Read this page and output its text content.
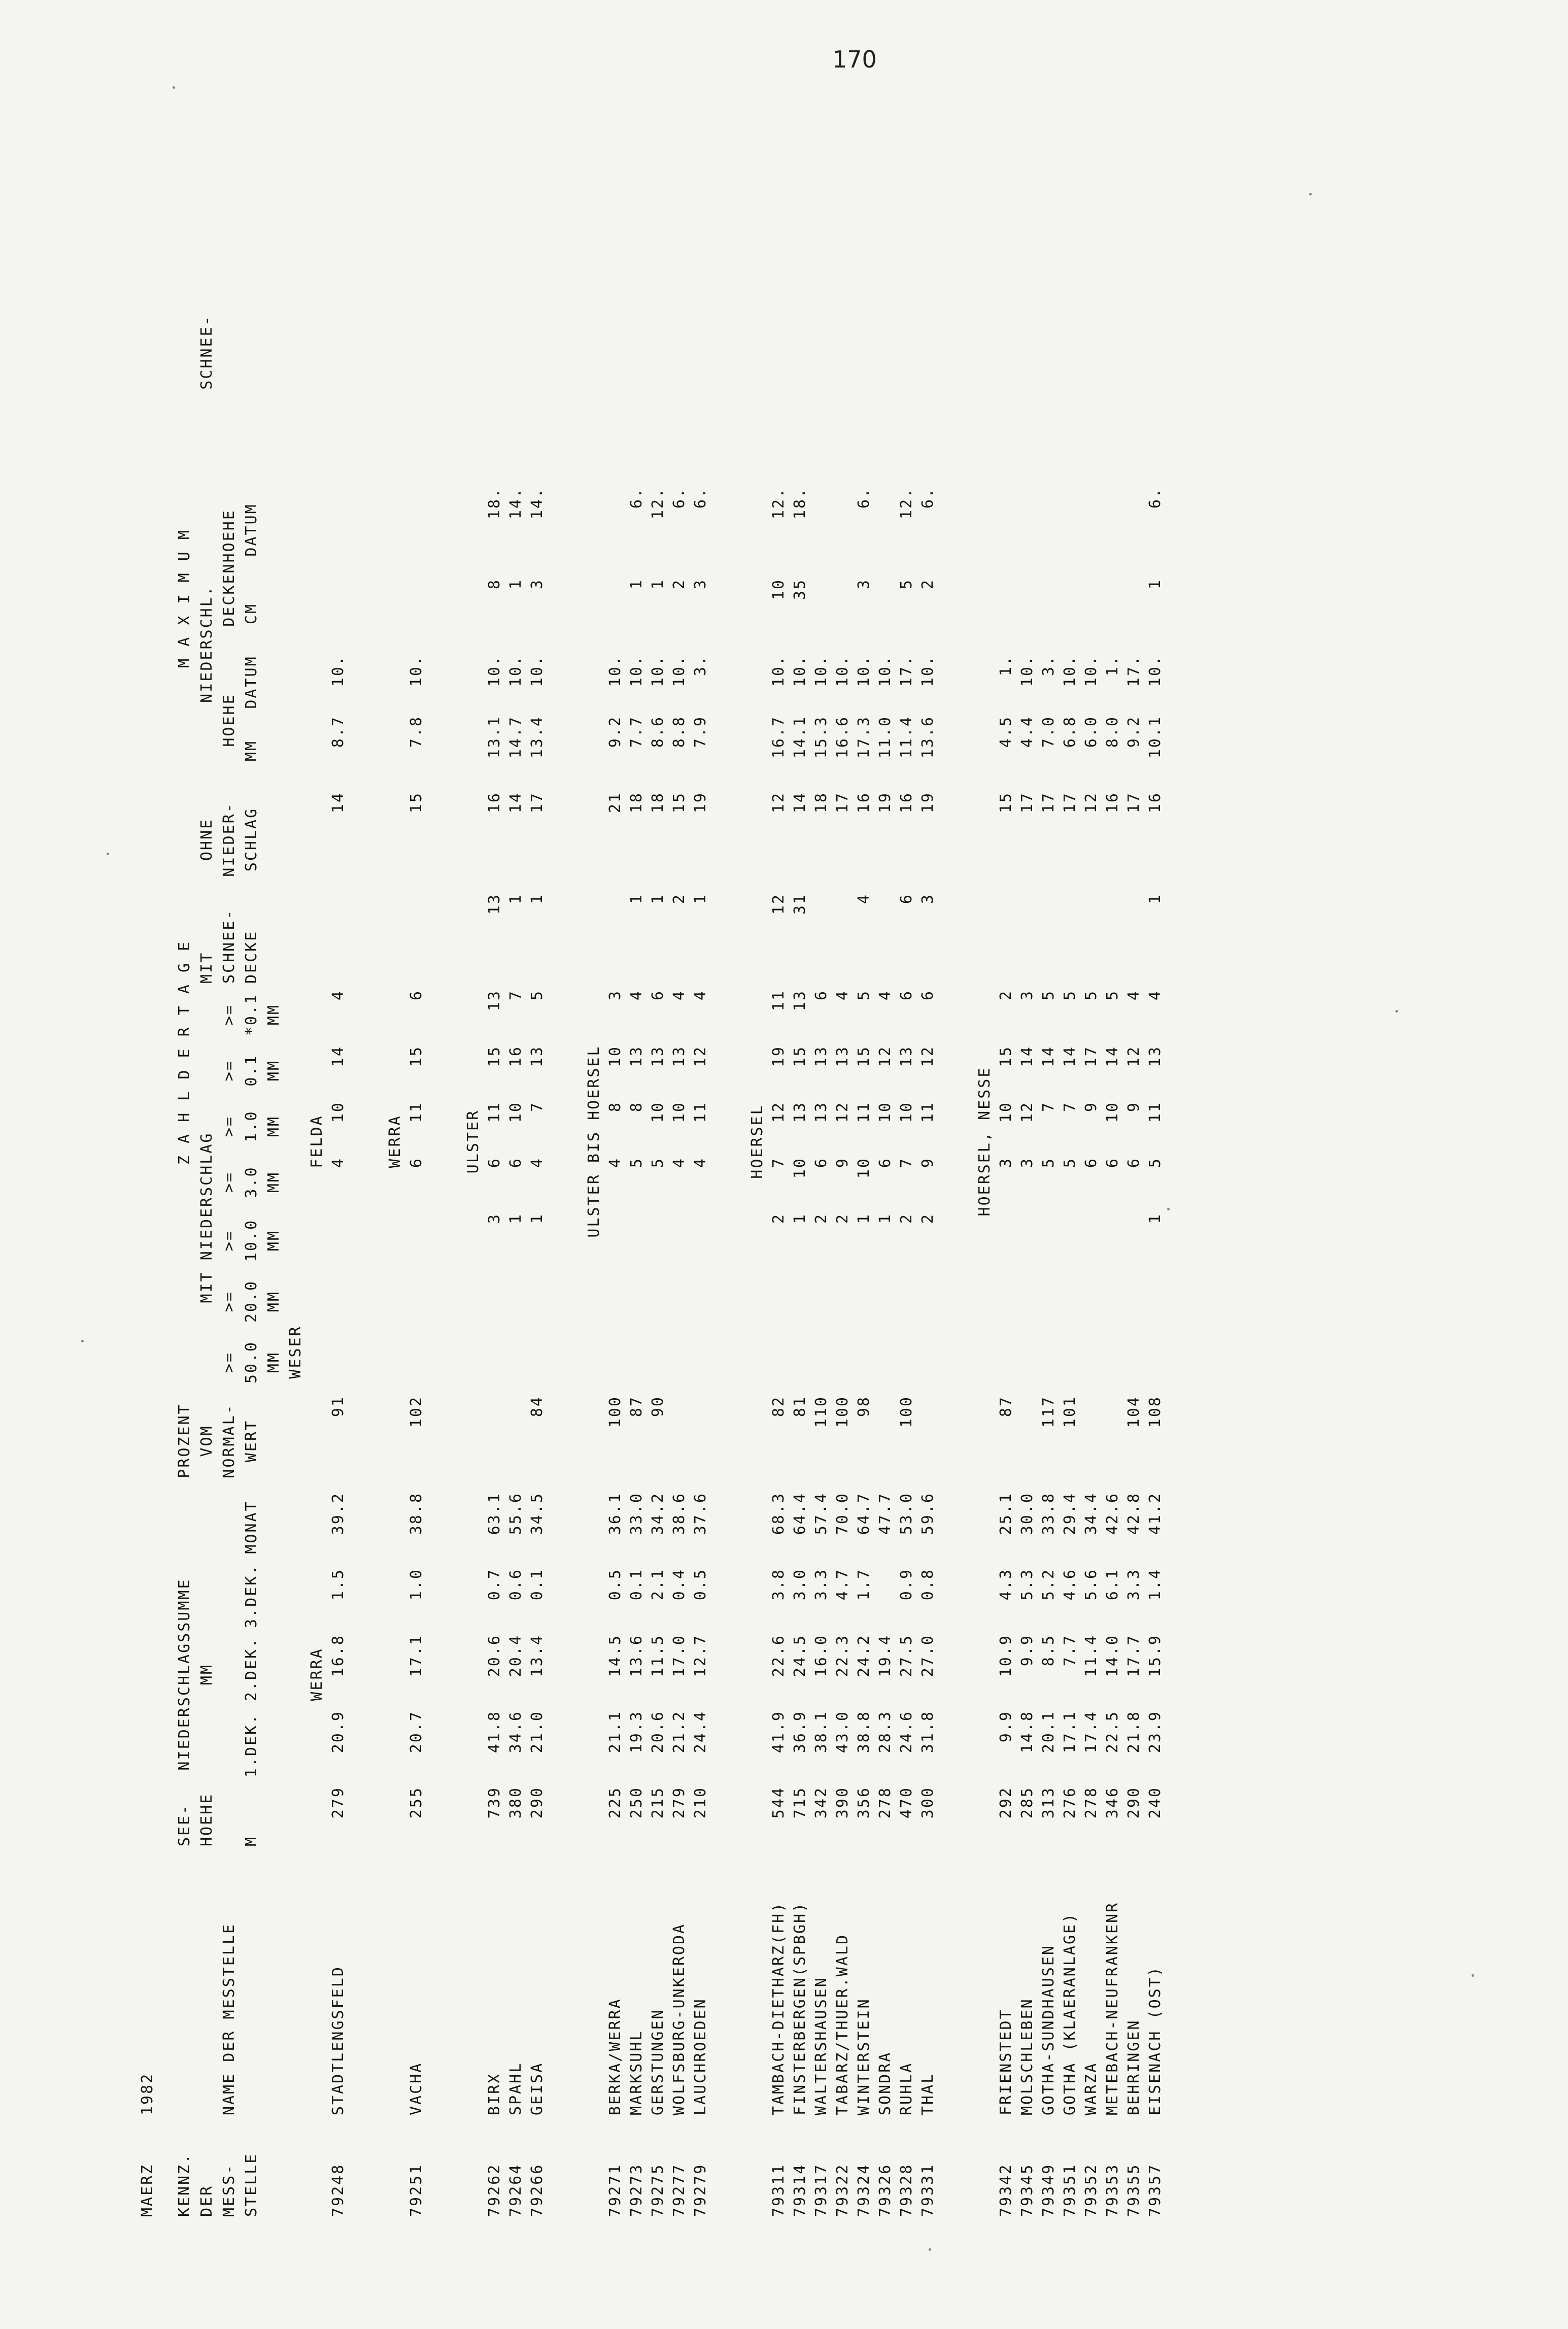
170
MAERZ	1982																			
KENNZ.		SEE-	NIEDERSCHLAGSSUMME				PROZENT	Z A H L D E R T A G E										M A X I M U M		
DER		HOEHE	MM				VOM	MIT NIEDERSCHLAG							MIT	OHNE		NIEDERSCHL.		SCHNEE-
MESS-	NAME DER MESSTELLE						NORMAL-	>=	>=	>=	>=	>=	>=	>=	SCHNEE-	NIEDER-	HOEHE		DECKENHOEHE	
STELLE		M	1.DEK.	2.DEK.	3.DEK.	MONAT	WERT	50.0	20.0	10.0	3.0	1.0	0.1	*0.1	DECKE	SCHLAG	MM	DATUM	CM	DATUM
								MM	MM	MM	MM	MM	MM	MM						
WESER																				
			WERRA					FELDA												
79248	STADTLENGSFELD	279	20.9	16.8	1.5	39.2	91				4	10	14	4		14	8.7	10.		

								WERRA												
79251	VACHA	255	20.7	17.1	1.0	38.8	102				6	11	15	6		15	7.8	10.		

								ULSTER												
79262	BIRX	739	41.8	20.6	0.7	63.1				3	6	11	15	13	13	16	13.1	10.	8	18.
79264	SPAHL	380	34.6	20.4	0.6	55.6				1	6	10	16	7	1	14	14.7	10.	1	14.
79266	GEISA	290	21.0	13.4	0.1	34.5	84			1	4	7	13	5	1	17	13.4	10.	3	14.

								ULSTER BIS HOERSEL												
79271	BERKA/WERRA	225	21.1	14.5	0.5	36.1	100				4	8	10	3		21	9.2	10.		
79273	MARKSUHL	250	19.3	13.6	0.1	33.0	87				5	8	13	4	1	18	7.7	10.	1	6.
79275	GERSTUNGEN	215	20.6	11.5	2.1	34.2	90				5	10	13	6	1	18	8.6	10.	1	12.
79277	WOLFSBURG-UNKERODA	279	21.2	17.0	0.4	38.6					4	10	13	4	2	15	8.8	10.	2	6.
79279	LAUCHROEDEN	210	24.4	12.7	0.5	37.6					4	11	12	4	1	19	7.9	3.	3	6.

								HOERSEL												
79311	TAMBACH-DIETHARZ(FH)	544	41.9	22.6	3.8	68.3	82			2	7	12	19	11	12	12	16.7	10.	10	12.
79314	FINSTERBERGEN(SPBGH)	715	36.9	24.5	3.0	64.4	81			1	10	13	15	13	31	14	14.1	10.	35	18.
79317	WALTERSHAUSEN	342	38.1	16.0	3.3	57.4	110			2	6	13	13	6		18	15.3	10.		
79322	TABARZ/THUER.WALD	390	43.0	22.3	4.7	70.0	100			2	9	12	13	4		17	16.6	10.		
79324	WINTERSTEIN	356	38.8	24.2	1.7	64.7	98			1	10	11	15	5	4	16	17.3	10.	3	6.
79326	SONDRA	278	28.3	19.4		47.7				1	6	10	12	4		19	11.0	10.		
79328	RUHLA	470	24.6	27.5	0.9	53.0	100			2	7	10	13	6	6	16	11.4	17.	5	12.
79331	THAL	300	31.8	27.0	0.8	59.6				2	9	11	12	6	3	19	13.6	10.	2	6.

								HOERSEL, NESSE												
79342	FRIENSTEDT	292	9.9	10.9	4.3	25.1	87				3	10	15	2		15	4.5	1.		
79345	MOLSCHLEBEN	285	14.8	9.9	5.3	30.0					3	12	14	3		17	4.4	10.		
79349	GOTHA-SUNDHAUSEN	313	20.1	8.5	5.2	33.8	117				5	7	14	5		17	7.0	3.		
79351	GOTHA (KLAERANLAGE)	276	17.1	7.7	4.6	29.4	101				5	7	14	5		17	6.8	10.		
79352	WARZA	278	17.4	11.4	5.6	34.4					6	9	17	5		12	6.0	10.		
79353	METEBACH-NEUFRANKENR	346	22.5	14.0	6.1	42.6					6	10	14	5		16	8.0	1.		
79355	BEHRINGEN	290	21.8	17.7	3.3	42.8	104				6	9	12	4		17	9.2	17.		
79357	EISENACH (OST)	240	23.9	15.9	1.4	41.2	108			1	5	11	13	4	1	16	10.1	10.	1	6.
